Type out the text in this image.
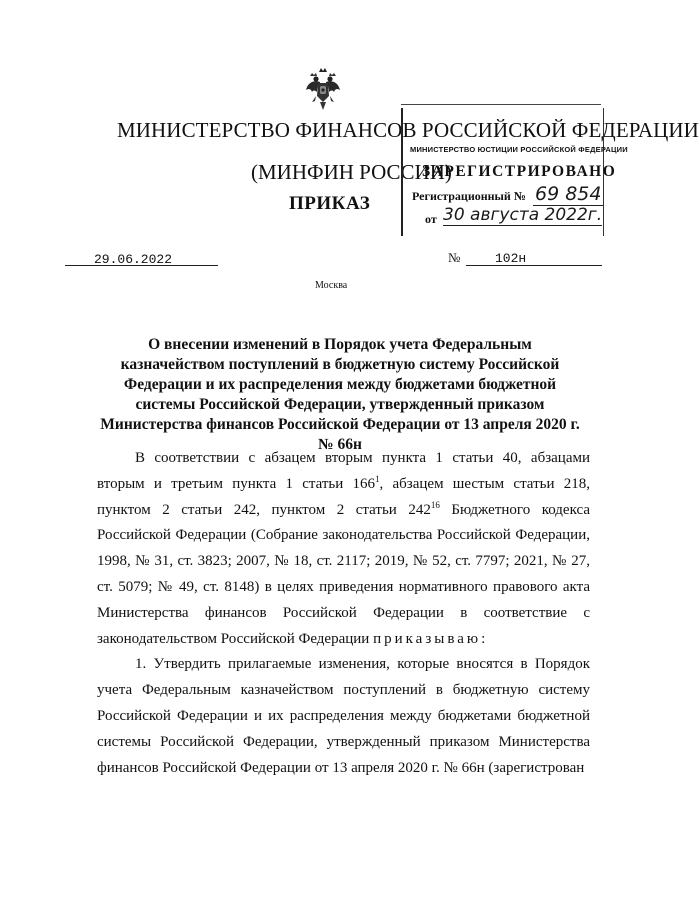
МИНИСТЕРСТВО ФИНАНСОВ РОССИЙСКОЙ ФЕДЕРАЦИИ
(МИНФИН РОССИИ)
ПРИКАЗ
МИНИСТЕРСТВО ЮСТИЦИИ РОССИЙСКОЙ ФЕДЕРАЦИИ
ЗАРЕГИСТРИРОВАНО
Регистрационный № 69 854
от 30 августа 2022г.
29.06.2022	№	102н
Москва
О внесении изменений в Порядок учета Федеральным казначейством поступлений в бюджетную систему Российской Федерации и их распределения между бюджетами бюджетной системы Российской Федерации, утвержденный приказом Министерства финансов Российской Федерации от 13 апреля 2020 г. № 66н

В соответствии с абзацем вторым пункта 1 статьи 40, абзацами вторым и третьим пункта 1 статьи $166^1$, абзацем шестым статьи 218, пунктом 2 статьи 242, пунктом 2 статьи $242^{16}$ Бюджетного кодекса Российской Федерации (Собрание законодательства Российской Федерации, 1998, № 31, ст. 3823; 2007, № 18, ст. 2117; 2019, № 52, ст. 7797; 2021, № 27, ст. 5079; № 49, ст. 8148) в целях приведения нормативного правового акта Министерства финансов Российской Федерации в соответствие с законодательством Российской Федерации приказываю:

1. Утвердить прилагаемые изменения, которые вносятся в Порядок учета Федеральным казначейством поступлений в бюджетную систему Российской Федерации и их распределения между бюджетами бюджетной системы Российской Федерации, утвержденный приказом Министерства финансов Российской Федерации от 13 апреля 2020 г. № 66н (зарегистрован
